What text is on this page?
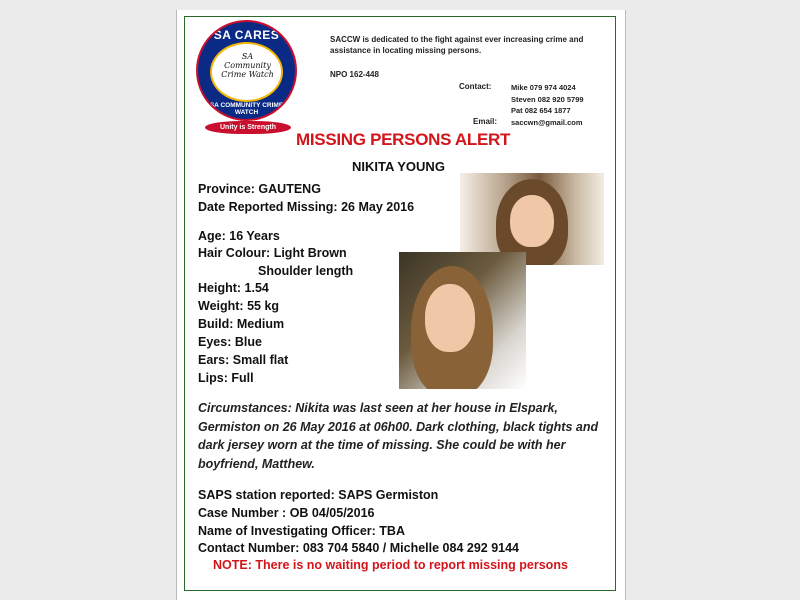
SA CARES
SA Community Crime Watch
SA COMMUNITY CRIME WATCH
Unity is Strength
SACCW is dedicated to the fight against ever increasing crime and assistance in locating missing persons.
NPO 162-448
Contact:	Mike 079 974 4024
Steven 082 920 5799
Pat 082 654 1877
saccwn@gmail.com
Email:
MISSING PERSONS ALERT
NIKITA YOUNG
Province: GAUTENG
Date Reported Missing: 26 May 2016
Age: 16 Years
Hair Colour: Light Brown
Shoulder length
Height: 1.54
Weight: 55 kg
Build: Medium
Eyes: Blue
Ears: Small flat
Lips: Full
Circumstances: Nikita was last seen at her house in Elspark, Germiston on 26 May 2016 at 06h00. Dark clothing, black tights and dark jersey worn at the time of missing. She could be with her boyfriend, Matthew.
SAPS station reported: SAPS Germiston
Case Number : OB 04/05/2016
Name of Investigating Officer: TBA
Contact Number: 083 704 5840 / Michelle 084 292 9144
NOTE: There is no waiting period to report missing persons
